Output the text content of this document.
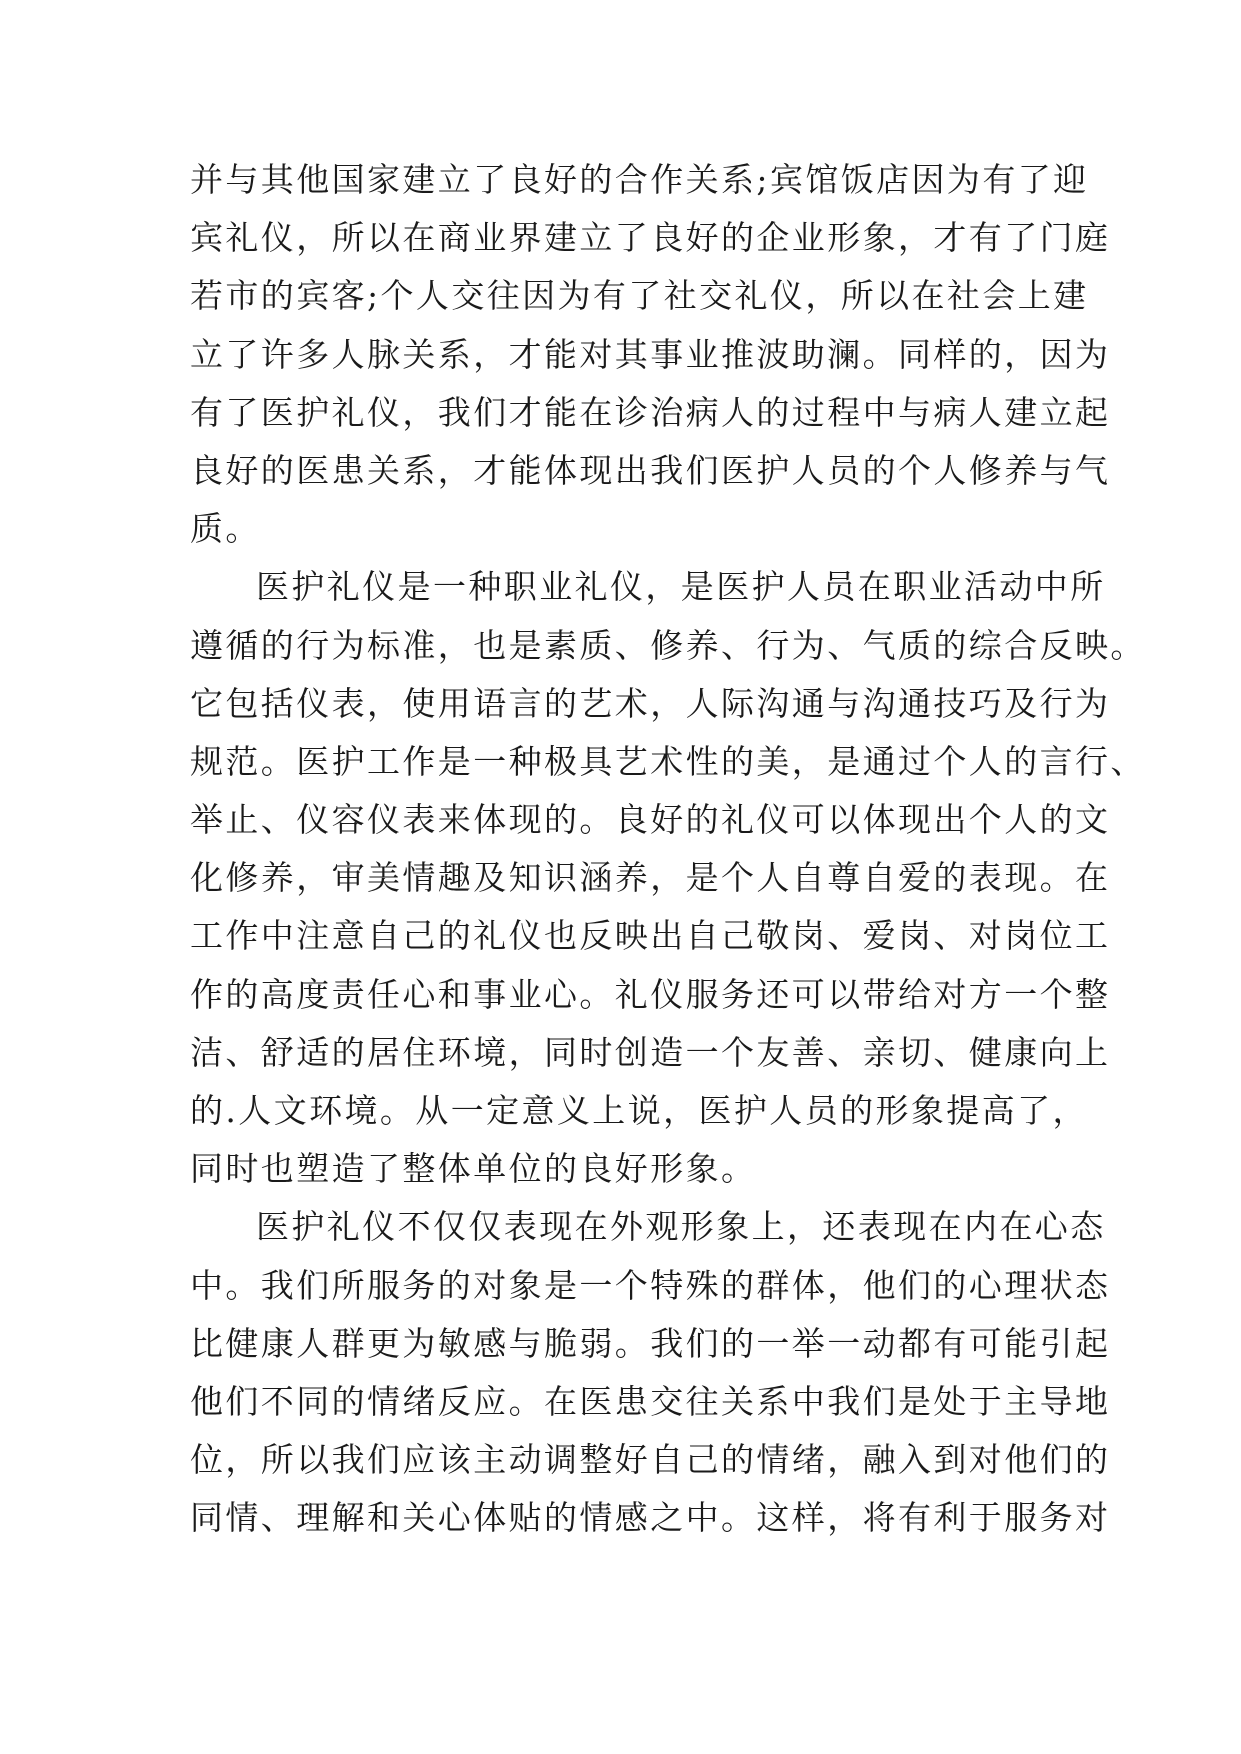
并与其他国家建立了良好的合作关系;宾馆饭店因为有了迎
宾礼仪，所以在商业界建立了良好的企业形象，才有了门庭
若市的宾客;个人交往因为有了社交礼仪，所以在社会上建
立了许多人脉关系，才能对其事业推波助澜。同样的，因为
有了医护礼仪，我们才能在诊治病人的过程中与病人建立起
良好的医患关系，才能体现出我们医护人员的个人修养与气
质。
医护礼仪是一种职业礼仪，是医护人员在职业活动中所
遵循的行为标准，也是素质、修养、行为、气质的综合反映。
它包括仪表，使用语言的艺术，人际沟通与沟通技巧及行为
规范。医护工作是一种极具艺术性的美，是通过个人的言行、
举止、仪容仪表来体现的。良好的礼仪可以体现出个人的文
化修养，审美情趣及知识涵养，是个人自尊自爱的表现。在
工作中注意自己的礼仪也反映出自己敬岗、爱岗、对岗位工
作的高度责任心和事业心。礼仪服务还可以带给对方一个整
洁、舒适的居住环境，同时创造一个友善、亲切、健康向上
的.人文环境。从一定意义上说，医护人员的形象提高了，
同时也塑造了整体单位的良好形象。
医护礼仪不仅仅表现在外观形象上，还表现在内在心态
中。我们所服务的对象是一个特殊的群体，他们的心理状态
比健康人群更为敏感与脆弱。我们的一举一动都有可能引起
他们不同的情绪反应。在医患交往关系中我们是处于主导地
位，所以我们应该主动调整好自己的情绪，融入到对他们的
同情、理解和关心体贴的情感之中。这样，将有利于服务对
